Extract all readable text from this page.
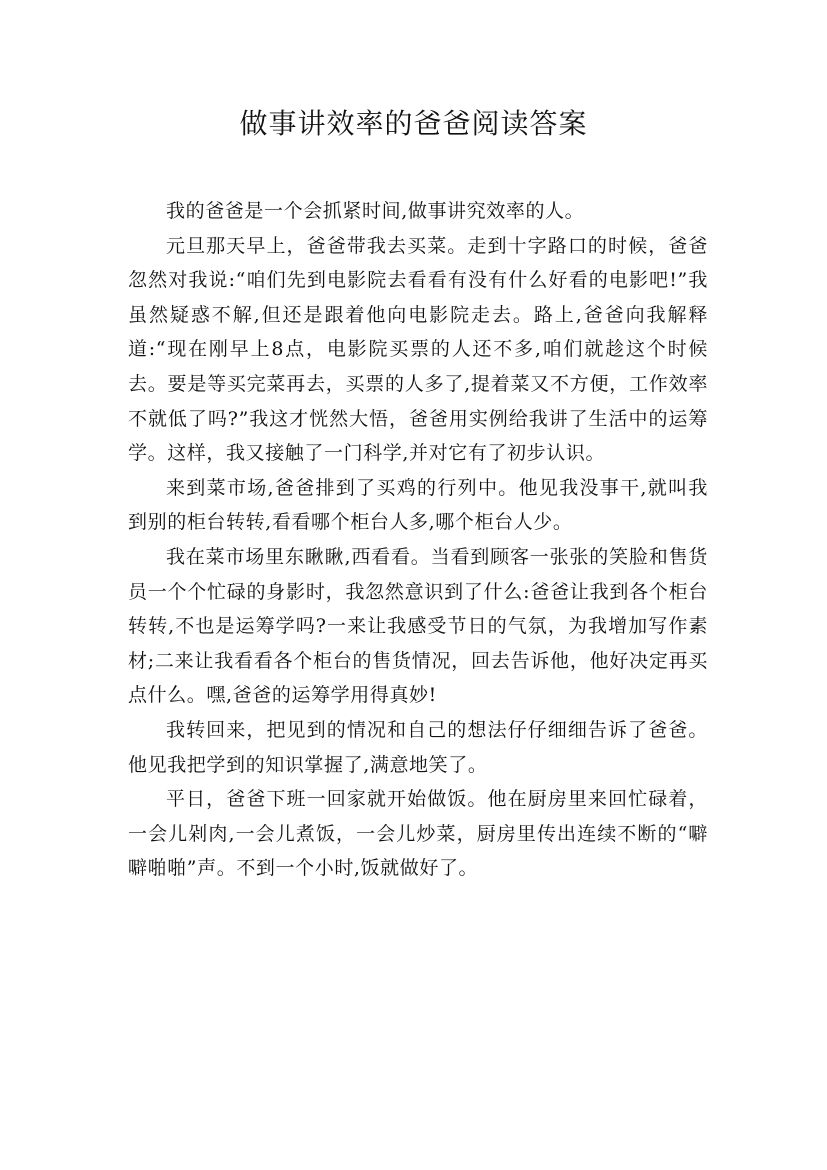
做事讲效率的爸爸阅读答案

我的爸爸是一个会抓紧时间,做事讲究效率的人。

元旦那天早上，爸爸带我去买菜。走到十字路口的时候，爸爸忽然对我说:“咱们先到电影院去看看有没有什么好看的电影吧!”我虽然疑惑不解,但还是跟着他向电影院走去。路上,爸爸向我解释道:“现在刚早上8点，电影院买票的人还不多,咱们就趁这个时候去。要是等买完菜再去，买票的人多了,提着菜又不方便，工作效率不就低了吗?”我这才恍然大悟，爸爸用实例给我讲了生活中的运筹学。这样，我又接触了一门科学,并对它有了初步认识。

来到菜市场,爸爸排到了买鸡的行列中。他见我没事干,就叫我到别的柜台转转,看看哪个柜台人多,哪个柜台人少。

我在菜市场里东瞅瞅,西看看。当看到顾客一张张的笑脸和售货员一个个忙碌的身影时，我忽然意识到了什么:爸爸让我到各个柜台转转,不也是运筹学吗?一来让我感受节日的气氛，为我增加写作素材;二来让我看看各个柜台的售货情况，回去告诉他，他好决定再买点什么。嘿,爸爸的运筹学用得真妙!

我转回来，把见到的情况和自己的想法仔仔细细告诉了爸爸。他见我把学到的知识掌握了,满意地笑了。

平日，爸爸下班一回家就开始做饭。他在厨房里来回忙碌着，一会儿剁肉,一会儿煮饭，一会儿炒菜，厨房里传出连续不断的“噼噼啪啪”声。不到一个小时,饭就做好了。
